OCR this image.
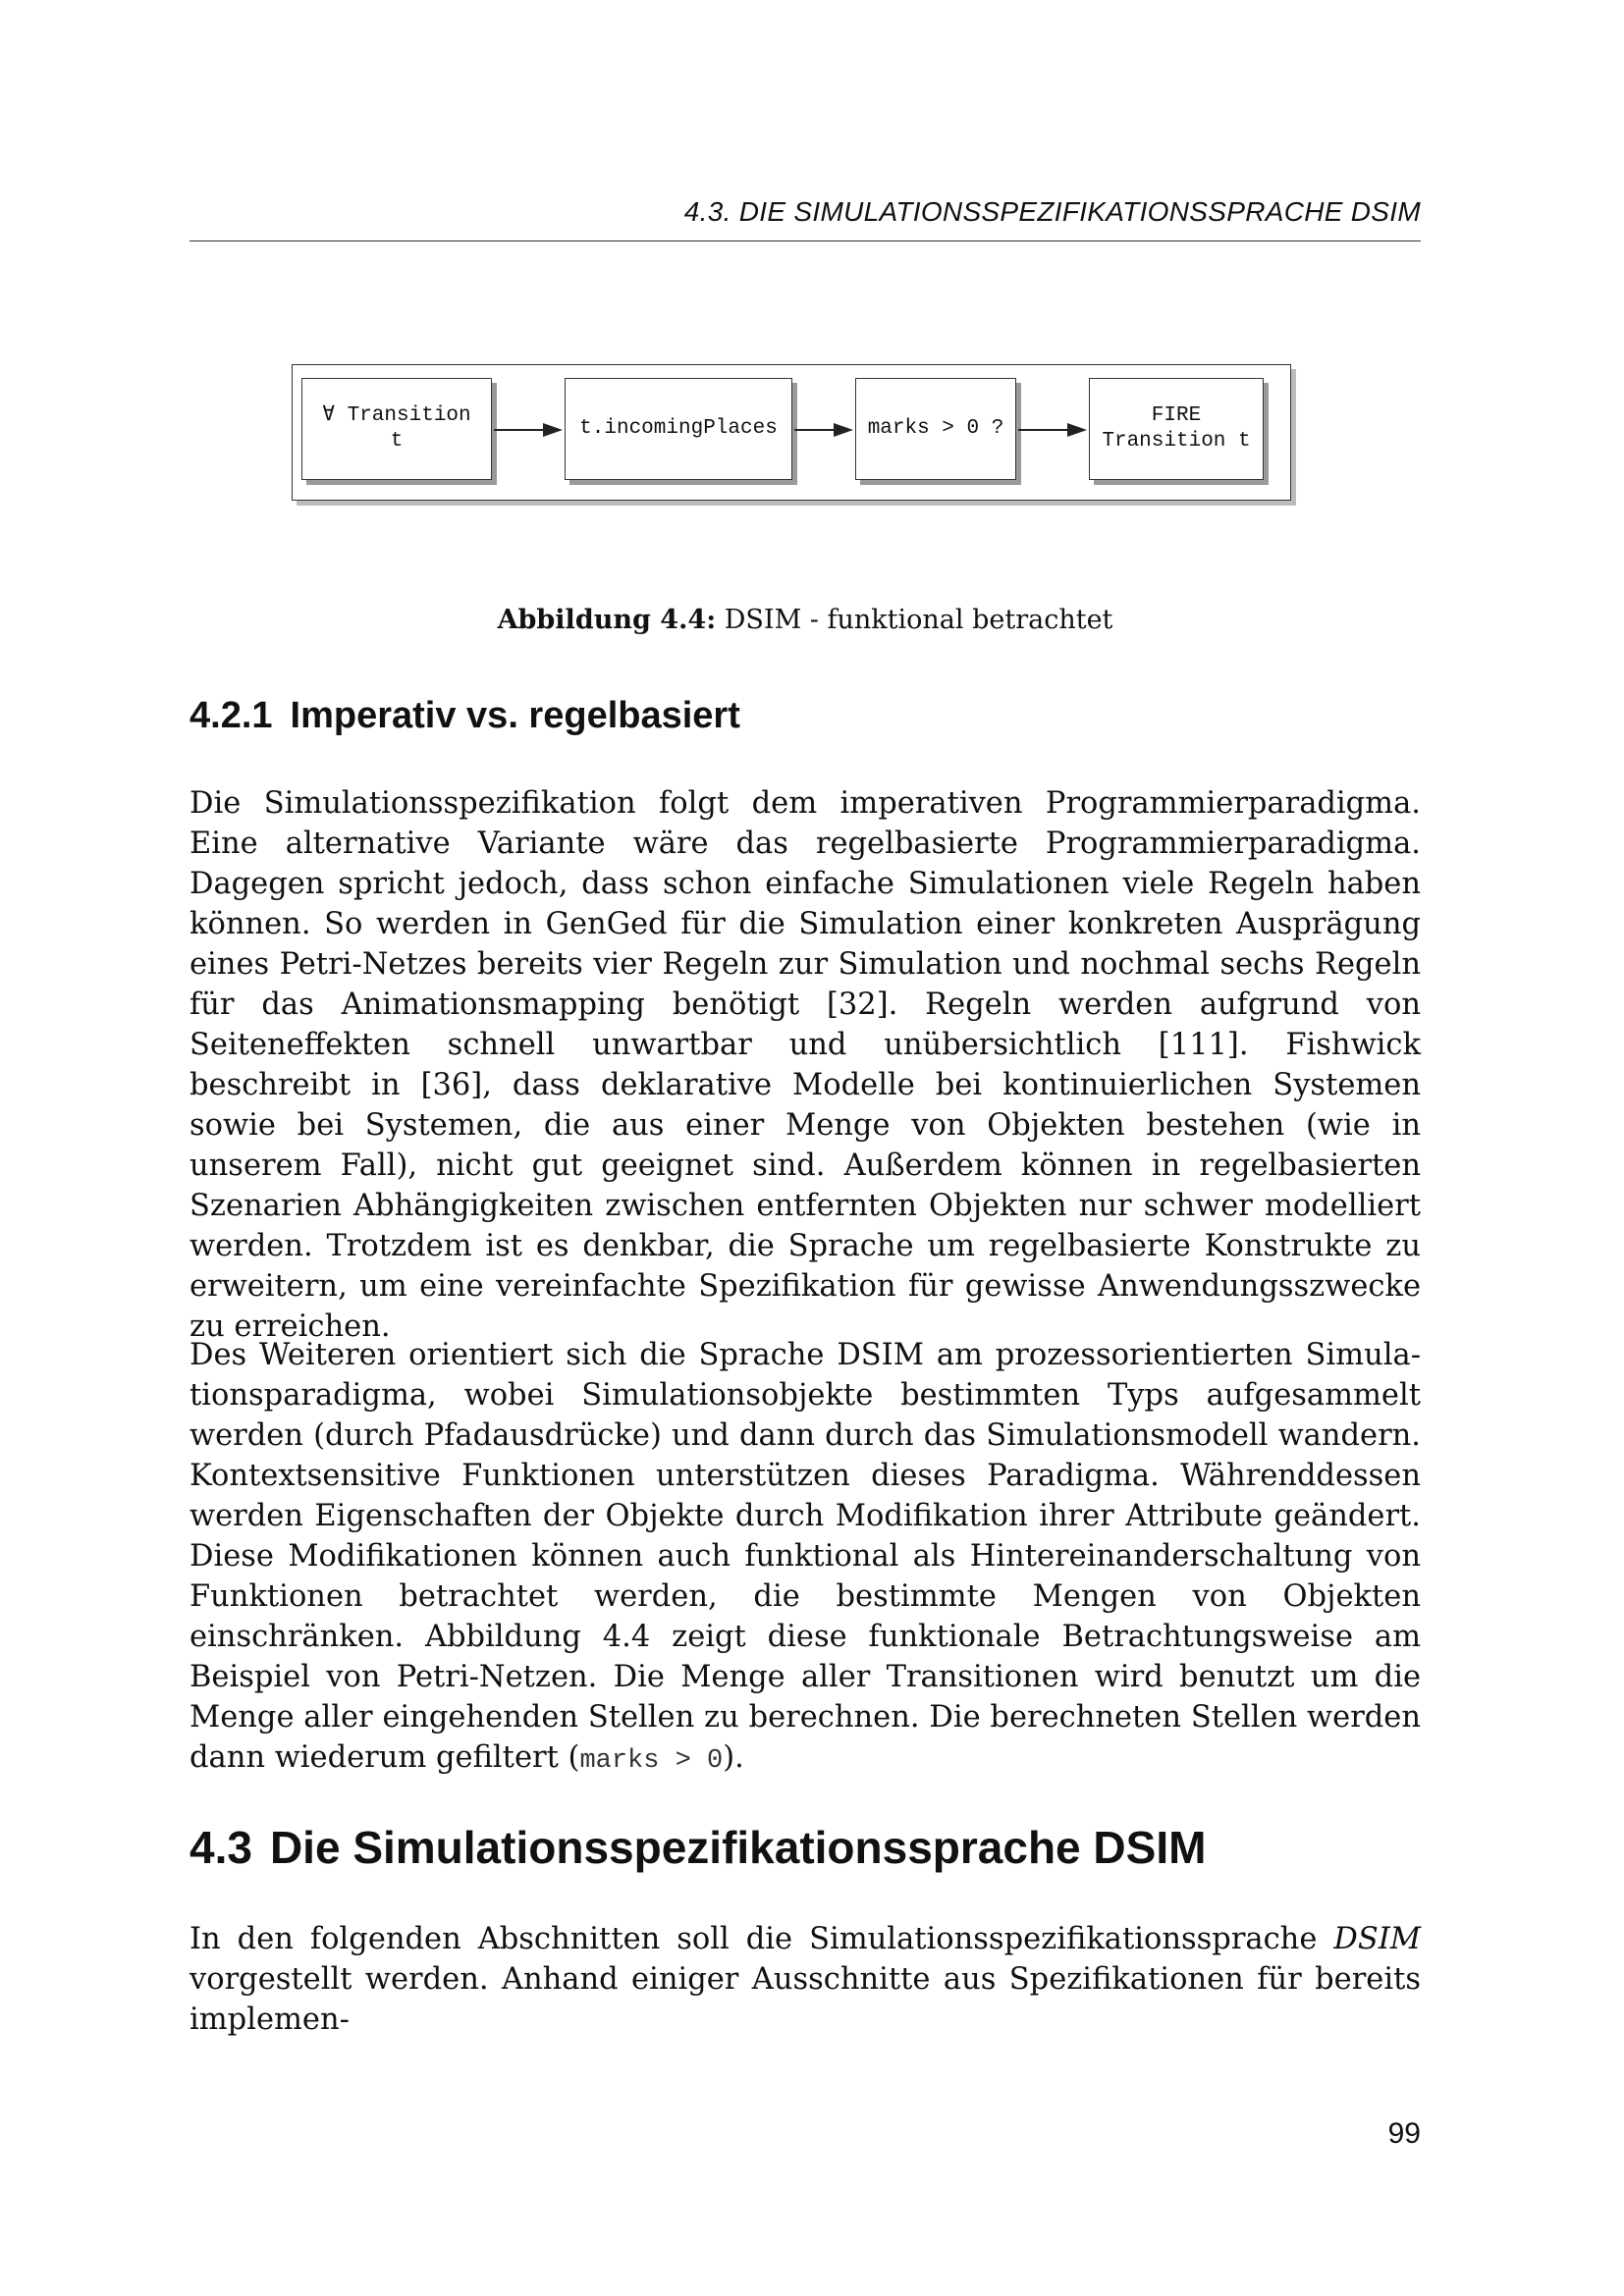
4.3. DIE SIMULATIONSSPEZIFIKATIONSSPRACHE DSIM
∀ Transition
t
t.incomingPlaces	marks > 0 ?
FIRE
Transition t
Abbildung 4.4: DSIM - funktional betrachtet
4.2.1 Imperativ vs. regelbasiert

Die Simulationsspezifikation folgt dem imperativen Programmierparadigma. Eine alternative Variante wäre das regelbasierte Programmierparadigma. Dagegen spricht jedoch, dass schon einfache Simulationen viele Regeln haben können. So werden in GenGed für die Simulation einer konkreten Ausprägung eines Petri-Netzes bereits vier Regeln zur Simulation und nochmal sechs Regeln für das Animationsmapping benötigt [32]. Regeln werden aufgrund von Seiteneffekten schnell unwartbar und unübersichtlich [111]. Fishwick beschreibt in [36], dass deklarative Modelle bei kontinuierlichen Systemen sowie bei Systemen, die aus einer Menge von Objekten bestehen (wie in unserem Fall), nicht gut geeignet sind. Außerdem können in regelbasierten Szenarien Abhängigkeiten zwischen entfernten Objekten nur schwer modelliert werden. Trotzdem ist es denkbar, die Sprache um regelbasierte Konstrukte zu erweitern, um eine vereinfachte Spezifikation für gewisse Anwendungsszwecke zu erreichen.

Des Weiteren orientiert sich die Sprache DSIM am prozessorientierten Simulationsparadigma, wobei Simulationsobjekte bestimmten Typs aufgesammelt werden (durch Pfadausdrücke) und dann durch das Simulationsmodell wandern. Kontextsensitive Funktionen unterstützen dieses Paradigma. Währenddessen werden Eigenschaften der Objekte durch Modifikation ihrer Attribute geändert. Diese Modifikationen können auch funktional als Hintereinanderschaltung von Funktionen betrachtet werden, die bestimmte Mengen von Objekten einschränken. Abbildung 4.4 zeigt diese funktionale Betrachtungsweise am Beispiel von Petri-Netzen. Die Menge aller Transitionen wird benutzt um die Menge aller eingehenden Stellen zu berechnen. Die berechneten Stellen werden dann wiederum gefiltert (marks > 0).

4.3 Die Simulationsspezifikationssprache DSIM

In den folgenden Abschnitten soll die Simulationsspezifikationssprache DSIM vorgestellt werden. Anhand einiger Ausschnitte aus Spezifikationen für bereits implemen-

99
